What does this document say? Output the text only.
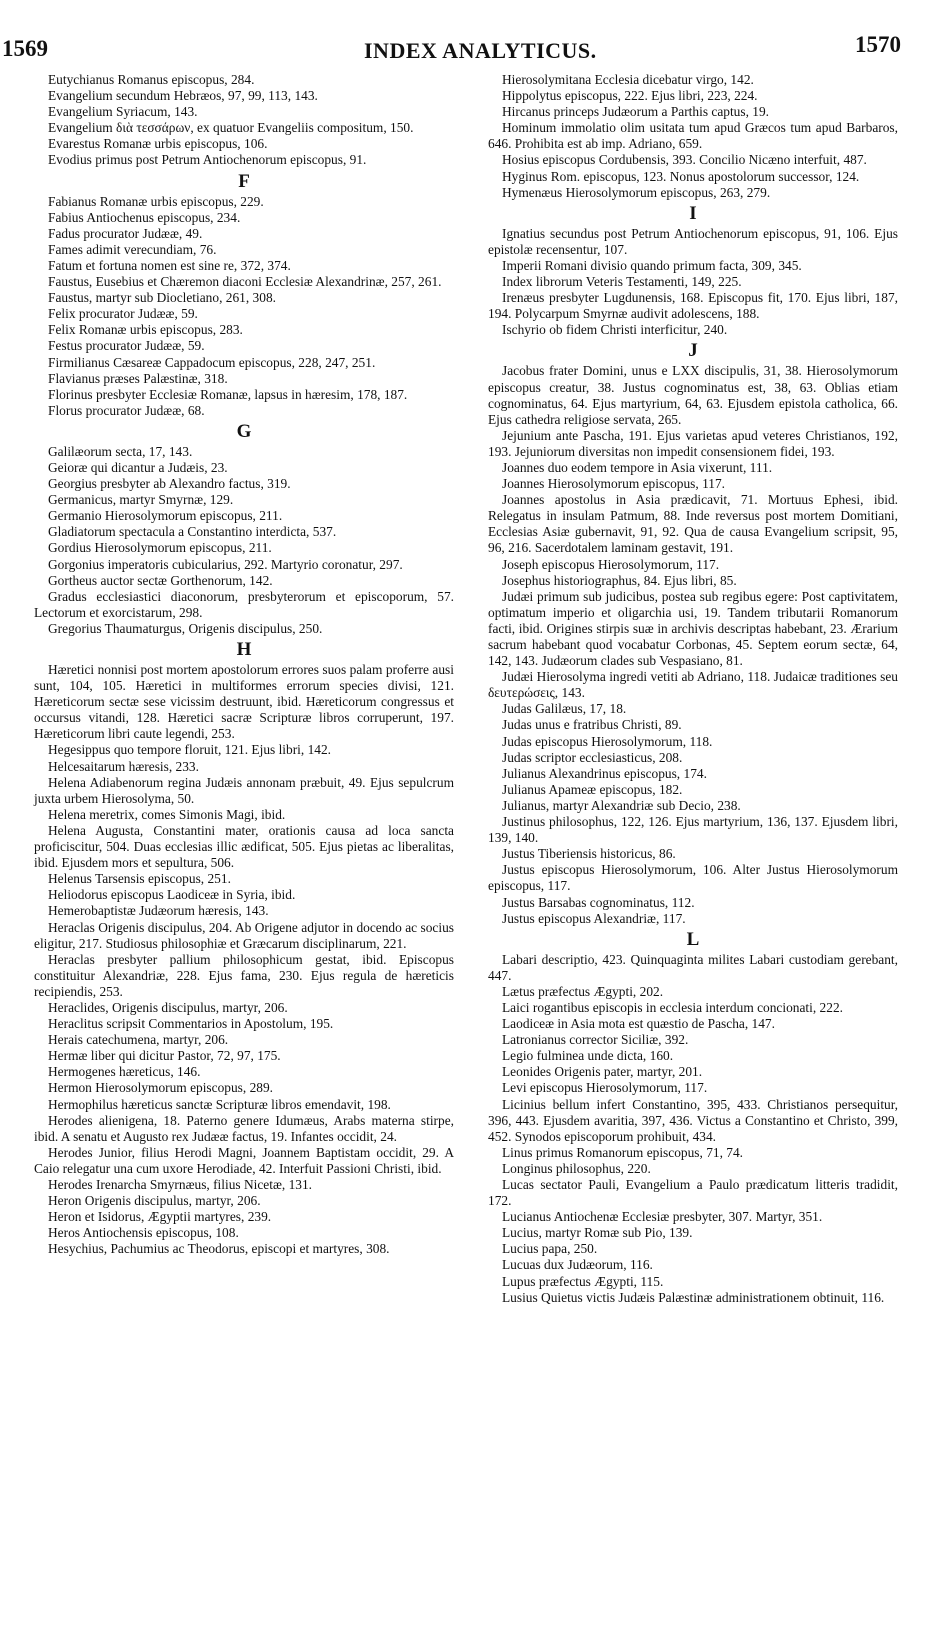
1569	INDEX ANALYTICUS.	1570
Eutychianus Romanus episcopus, 284.
Evangelium secundum Hebræos, 97, 99, 113, 143.
Evangelium Syriacum, 143.
Evangelium διὰ τεσσάρων, ex quatuor Evangeliis compositum, 150.
Evarestus Romanæ urbis episcopus, 106.
Evodius primus post Petrum Antiochenorum episcopus, 91.
F
Fabianus Romanæ urbis episcopus, 229.
Fabius Antiochenus episcopus, 234.
Fadus procurator Judææ, 49.
Fames adimit verecundiam, 76.
Fatum et fortuna nomen est sine re, 372, 374.
Faustus, Eusebius et Chæremon diaconi Ecclesiæ Alexandrinæ, 257, 261.
Faustus, martyr sub Diocletiano, 261, 308.
Felix procurator Judææ, 59.
Felix Romanæ urbis episcopus, 283.
Festus procurator Judææ, 59.
Firmilianus Cæsareæ Cappadocum episcopus, 228, 247, 251.
Flavianus præses Palæstinæ, 318.
Florinus presbyter Ecclesiæ Romanæ, lapsus in hæresim, 178, 187.
Florus procurator Judææ, 68.
G
Galilæorum secta, 17, 143.
Geioræ qui dicantur a Judæis, 23.
Georgius presbyter ab Alexandro factus, 319.
Germanicus, martyr Smyrnæ, 129.
Germanio Hierosolymorum episcopus, 211.
Gladiatorum spectacula a Constantino interdicta, 537.
Gordius Hierosolymorum episcopus, 211.
Gorgonius imperatoris cubicularius, 292. Martyrio coronatur, 297.
Gortheus auctor sectæ Gorthenorum, 142.
Gradus ecclesiastici diaconorum, presbyterorum et episcoporum, 57. Lectorum et exorcistarum, 298.
Gregorius Thaumaturgus, Origenis discipulus, 250.
H
Hæretici nonnisi post mortem apostolorum errores suos palam proferre ausi sunt, 104, 105. Hæretici in multiformes errorum species divisi, 121. Hæreticorum sectæ sese vicissim destruunt, ibid. Hæreticorum congressus et occursus vitandi, 128. Hæretici sacræ Scripturæ libros corruperunt, 197. Hæreticorum libri caute legendi, 253.
Hegesippus quo tempore floruit, 121. Ejus libri, 142.
Helcesaitarum hæresis, 233.
Helena Adiabenorum regina Judæis annonam præbuit, 49. Ejus sepulcrum juxta urbem Hierosolyma, 50.
Helena meretrix, comes Simonis Magi, ibid.
Helena Augusta, Constantini mater, orationis causa ad loca sancta proficiscitur, 504. Duas ecclesias illic ædificat, 505. Ejus pietas ac liberalitas, ibid. Ejusdem mors et sepultura, 506.
Helenus Tarsensis episcopus, 251.
Heliodorus episcopus Laodiceæ in Syria, ibid.
Hemerobaptistæ Judæorum hæresis, 143.
Heraclas Origenis discipulus, 204. Ab Origene adjutor in docendo ac socius eligitur, 217. Studiosus philosophiæ et Græcarum disciplinarum, 221.
Heraclas presbyter pallium philosophicum gestat, ibid. Episcopus constituitur Alexandriæ, 228. Ejus fama, 230. Ejus regula de hæreticis recipiendis, 253.
Heraclides, Origenis discipulus, martyr, 206.
Heraclitus scripsit Commentarios in Apostolum, 195.
Herais catechumena, martyr, 206.
Hermæ liber qui dicitur Pastor, 72, 97, 175.
Hermogenes hæreticus, 146.
Hermon Hierosolymorum episcopus, 289.
Hermophilus hæreticus sanctæ Scripturæ libros emendavit, 198.
Herodes alienigena, 18. Paterno genere Idumæus, Arabs materna stirpe, ibid. A senatu et Augusto rex Judææ factus, 19. Infantes occidit, 24.
Herodes Junior, filius Herodi Magni, Joannem Baptistam occidit, 29. A Caio relegatur una cum uxore Herodiade, 42. Interfuit Passioni Christi, ibid.
Herodes Irenarcha Smyrnæus, filius Nicetæ, 131.
Heron Origenis discipulus, martyr, 206.
Heron et Isidorus, Ægyptii martyres, 239.
Heros Antiochensis episcopus, 108.
Hesychius, Pachumius ac Theodorus, episcopi et martyres, 308.
Hierosolymitana Ecclesia dicebatur virgo, 142.
Hippolytus episcopus, 222. Ejus libri, 223, 224.
Hircanus princeps Judæorum a Parthis captus, 19.
Hominum immolatio olim usitata tum apud Græcos tum apud Barbaros, 646. Prohibita est ab imp. Adriano, 659.
Hosius episcopus Cordubensis, 393. Concilio Nicæno interfuit, 487.
Hyginus Rom. episcopus, 123. Nonus apostolorum successor, 124.
Hymenæus Hierosolymorum episcopus, 263, 279.
I
Ignatius secundus post Petrum Antiochenorum episcopus, 91, 106. Ejus epistolæ recensentur, 107.
Imperii Romani divisio quando primum facta, 309, 345.
Index librorum Veteris Testamenti, 149, 225.
Irenæus presbyter Lugdunensis, 168. Episcopus fit, 170. Ejus libri, 187, 194. Polycarpum Smyrnæ audivit adolescens, 188.
Ischyrio ob fidem Christi interficitur, 240.
J
Jacobus frater Domini, unus e LXX discipulis, 31, 38. Hierosolymorum episcopus creatur, 38. Justus cognominatus est, 38, 63. Oblias etiam cognominatus, 64. Ejus martyrium, 64, 63. Ejusdem epistola catholica, 66. Ejus cathedra religiose servata, 265.
Jejunium ante Pascha, 191. Ejus varietas apud veteres Christianos, 192, 193. Jejuniorum diversitas non impedit consensionem fidei, 193.
Joannes duo eodem tempore in Asia vixerunt, 111.
Joannes Hierosolymorum episcopus, 117.
Joannes apostolus in Asia prædicavit, 71. Mortuus Ephesi, ibid. Relegatus in insulam Patmum, 88. Inde reversus post mortem Domitiani, Ecclesias Asiæ gubernavit, 91, 92. Qua de causa Evangelium scripsit, 95, 96, 216. Sacerdotalem laminam gestavit, 191.
Joseph episcopus Hierosolymorum, 117.
Josephus historiographus, 84. Ejus libri, 85.
Judæi primum sub judicibus, postea sub regibus egere: Post captivitatem, optimatum imperio et oligarchia usi, 19. Tandem tributarii Romanorum facti, ibid. Origines stirpis suæ in archivis descriptas habebant, 23. Ærarium sacrum habebant quod vocabatur Corbonas, 45. Septem eorum sectæ, 64, 142, 143. Judæorum clades sub Vespasiano, 81.
Judæi Hierosolyma ingredi vetiti ab Adriano, 118. Judaicæ traditiones seu δευτερώσεις, 143.
Judas Galilæus, 17, 18.
Judas unus e fratribus Christi, 89.
Judas episcopus Hierosolymorum, 118.
Judas scriptor ecclesiasticus, 208.
Julianus Alexandrinus episcopus, 174.
Julianus Apameæ episcopus, 182.
Julianus, martyr Alexandriæ sub Decio, 238.
Justinus philosophus, 122, 126. Ejus martyrium, 136, 137. Ejusdem libri, 139, 140.
Justus Tiberiensis historicus, 86.
Justus episcopus Hierosolymorum, 106. Alter Justus Hierosolymorum episcopus, 117.
Justus Barsabas cognominatus, 112.
Justus episcopus Alexandriæ, 117.
L
Labari descriptio, 423. Quinquaginta milites Labari custodiam gerebant, 447.
Lætus præfectus Ægypti, 202.
Laici rogantibus episcopis in ecclesia interdum concionati, 222.
Laodiceæ in Asia mota est quæstio de Pascha, 147.
Latronianus corrector Siciliæ, 392.
Legio fulminea unde dicta, 160.
Leonides Origenis pater, martyr, 201.
Levi episcopus Hierosolymorum, 117.
Licinius bellum infert Constantino, 395, 433. Christianos persequitur, 396, 443. Ejusdem avaritia, 397, 436. Victus a Constantino et Christo, 399, 452. Synodos episcoporum prohibuit, 434.
Linus primus Romanorum episcopus, 71, 74.
Longinus philosophus, 220.
Lucas sectator Pauli, Evangelium a Paulo prædicatum litteris tradidit, 172.
Lucianus Antiochenæ Ecclesiæ presbyter, 307. Martyr, 351.
Lucius, martyr Romæ sub Pio, 139.
Lucius papa, 250.
Lucuas dux Judæorum, 116.
Lupus præfectus Ægypti, 115.
Lusius Quietus victis Judæis Palæstinæ administrationem obtinuit, 116.
